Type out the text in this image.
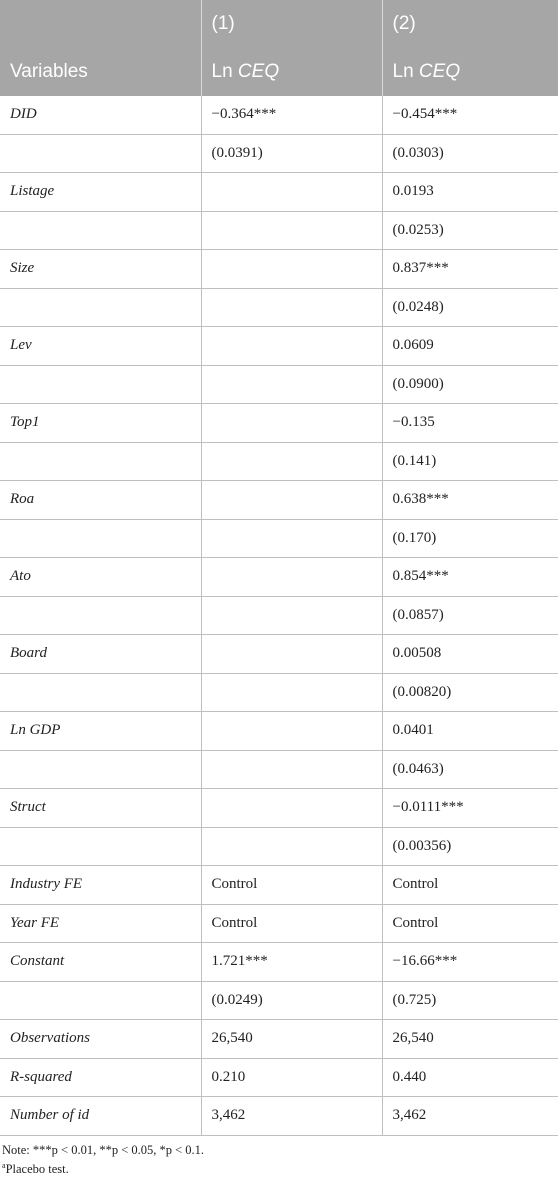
	(1)	(2)
Variables	Ln CEQ	Ln CEQ
DID	−0.364***	−0.454***
	(0.0391)	(0.0303)
Listage		0.0193
		(0.0253)
Size		0.837***
		(0.0248)
Lev		0.0609
		(0.0900)
Top1		−0.135
		(0.141)
Roa		0.638***
		(0.170)
Ato		0.854***
		(0.0857)
Board		0.00508
		(0.00820)
Ln GDP		0.0401
		(0.0463)
Struct		−0.0111***
		(0.00356)
Industry FE	Control	Control
Year FE	Control	Control
Constant	1.721***	−16.66***
	(0.0249)	(0.725)
Observations	26,540	26,540
R-squared	0.210	0.440
Number of id	3,462	3,462
Note: ***p < 0.01, **p < 0.05, *p < 0.1.
$^a$Placebo test.
